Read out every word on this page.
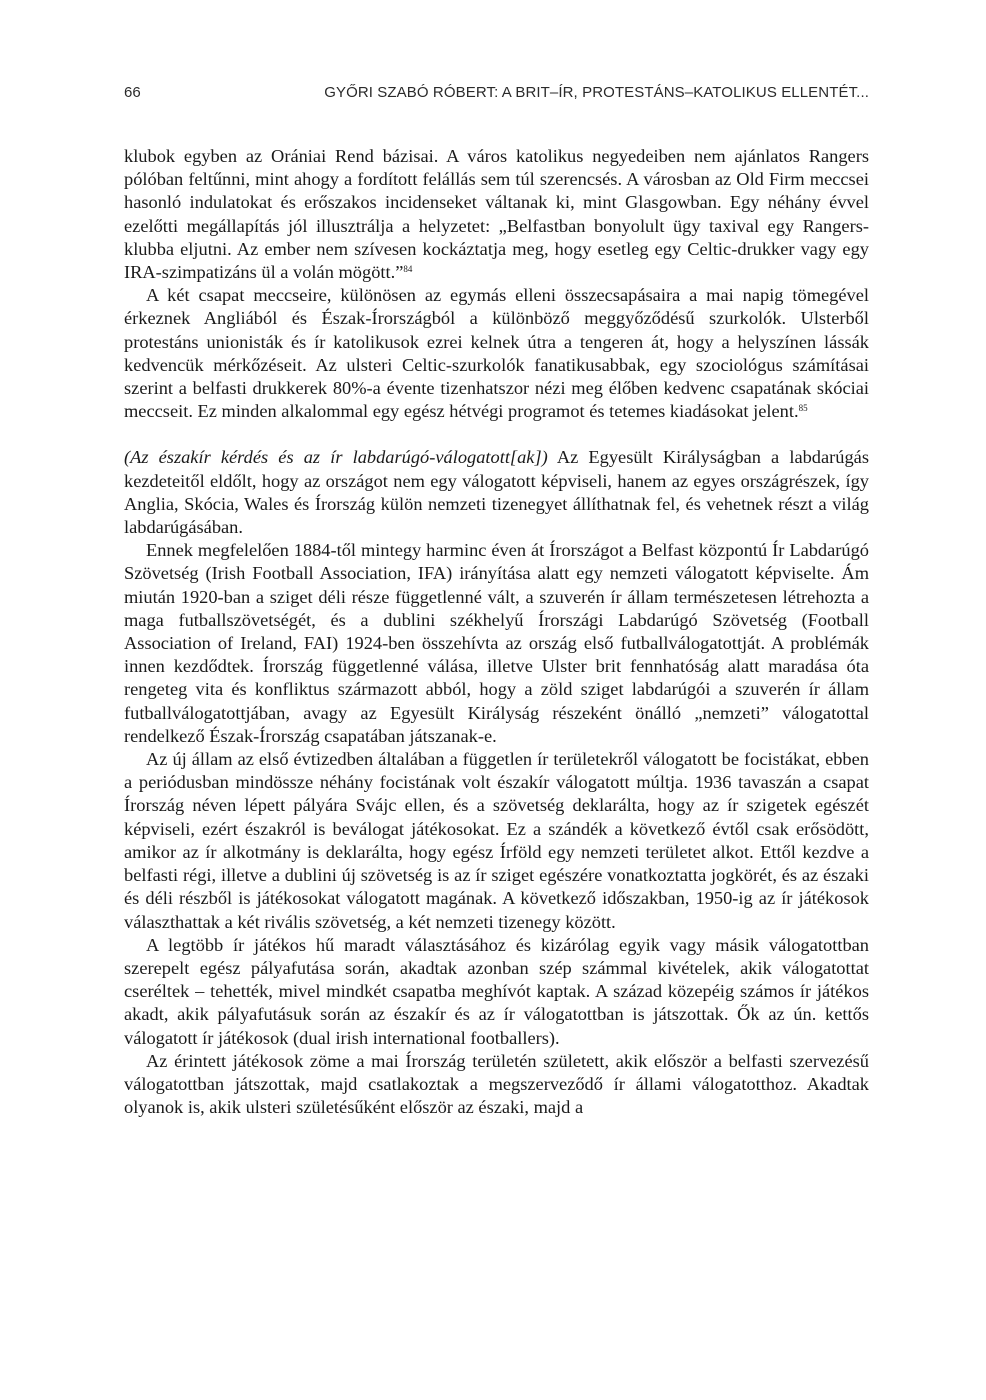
66	GYŐRI SZABÓ RÓBERT: A BRIT–ÍR, PROTESTÁNS–KATOLIKUS ELLENTÉT...

klubok egyben az Orániai Rend bázisai. A város katolikus negyedeiben nem ajánlatos Rangers pólóban feltűnni, mint ahogy a fordított felállás sem túl szerencsés. A városban az Old Firm meccsei hasonló indulatokat és erőszakos incidenseket váltanak ki, mint Glasgowban. Egy néhány évvel ezelőtti megállapítás jól illusztrálja a helyzetet: „Belfastban bonyolult ügy taxival egy Rangers-klubba eljutni. Az ember nem szívesen kockáztatja meg, hogy esetleg egy Celtic-drukker vagy egy IRA-szimpatizáns ül a volán mögött.”$^{84}$

A két csapat meccseire, különösen az egymás elleni összecsapásaira a mai napig tömegével érkeznek Angliából és Észak-Írországból a különböző meggyőződésű szurkolók. Ulsterből protestáns unionisták és ír katolikusok ezrei kelnek útra a tengeren át, hogy a helyszínen lássák kedvencük mérkőzéseit. Az ulsteri Celtic-szurkolók fanatikusabbak, egy szociológus számításai szerint a belfasti drukkerek 80%-a évente tizenhatszor nézi meg élőben kedvenc csapatának skóciai meccseit. Ez minden alkalommal egy egész hétvégi programot és tetemes kiadásokat jelent.$^{85}$

(Az északír kérdés és az ír labdarúgó-válogatott[ak]) Az Egyesült Királyságban a labdarúgás kezdeteitől eldőlt, hogy az országot nem egy válogatott képviseli, hanem az egyes országrészek, így Anglia, Skócia, Wales és Írország külön nemzeti tizenegyet állíthatnak fel, és vehetnek részt a világ labdarúgásában.

Ennek megfelelően 1884-től mintegy harminc éven át Írországot a Belfast központú Ír Labdarúgó Szövetség (Irish Football Association, IFA) irányítása alatt egy nemzeti válogatott képviselte. Ám miután 1920-ban a sziget déli része függetlenné vált, a szuverén ír állam természetesen létrehozta a maga futballszövetségét, és a dublini székhelyű Írországi Labdarúgó Szövetség (Football Association of Ireland, FAI) 1924-ben összehívta az ország első futballválogatottját. A problémák innen kezdődtek. Írország függetlenné válása, illetve Ulster brit fennhatóság alatt maradása óta rengeteg vita és konfliktus származott abból, hogy a zöld sziget labdarúgói a szuverén ír állam futballválogatottjában, avagy az Egyesült Királyság részeként önálló „nemzeti” válogatottal rendelkező Észak-Írország csapatában játszanak-e.

Az új állam az első évtizedben általában a független ír területekről válogatott be focistákat, ebben a periódusban mindössze néhány focistának volt északír válogatott múltja. 1936 tavaszán a csapat Írország néven lépett pályára Svájc ellen, és a szövetség deklarálta, hogy az ír szigetek egészét képviseli, ezért északról is beválogat játékosokat. Ez a szándék a következő évtől csak erősödött, amikor az ír alkotmány is deklarálta, hogy egész Írföld egy nemzeti területet alkot. Ettől kezdve a belfasti régi, illetve a dublini új szövetség is az ír sziget egészére vonatkoztatta jogkörét, és az északi és déli részből is játékosokat válogatott magának. A következő időszakban, 1950-ig az ír játékosok választhattak a két rivális szövetség, a két nemzeti tizenegy között.

A legtöbb ír játékos hű maradt választásához és kizárólag egyik vagy másik válogatottban szerepelt egész pályafutása során, akadtak azonban szép számmal kivételek, akik válogatottat cseréltek – tehették, mivel mindkét csapatba meghívót kaptak. A század közepéig számos ír játékos akadt, akik pályafutásuk során az északír és az ír válogatottban is játszottak. Ők az ún. kettős válogatott ír játékosok (dual irish international footballers).

Az érintett játékosok zöme a mai Írország területén született, akik először a belfasti szervezésű válogatottban játszottak, majd csatlakoztak a megszerveződő ír állami válogatotthoz. Akadtak olyanok is, akik ulsteri születésűként először az északi, majd a
